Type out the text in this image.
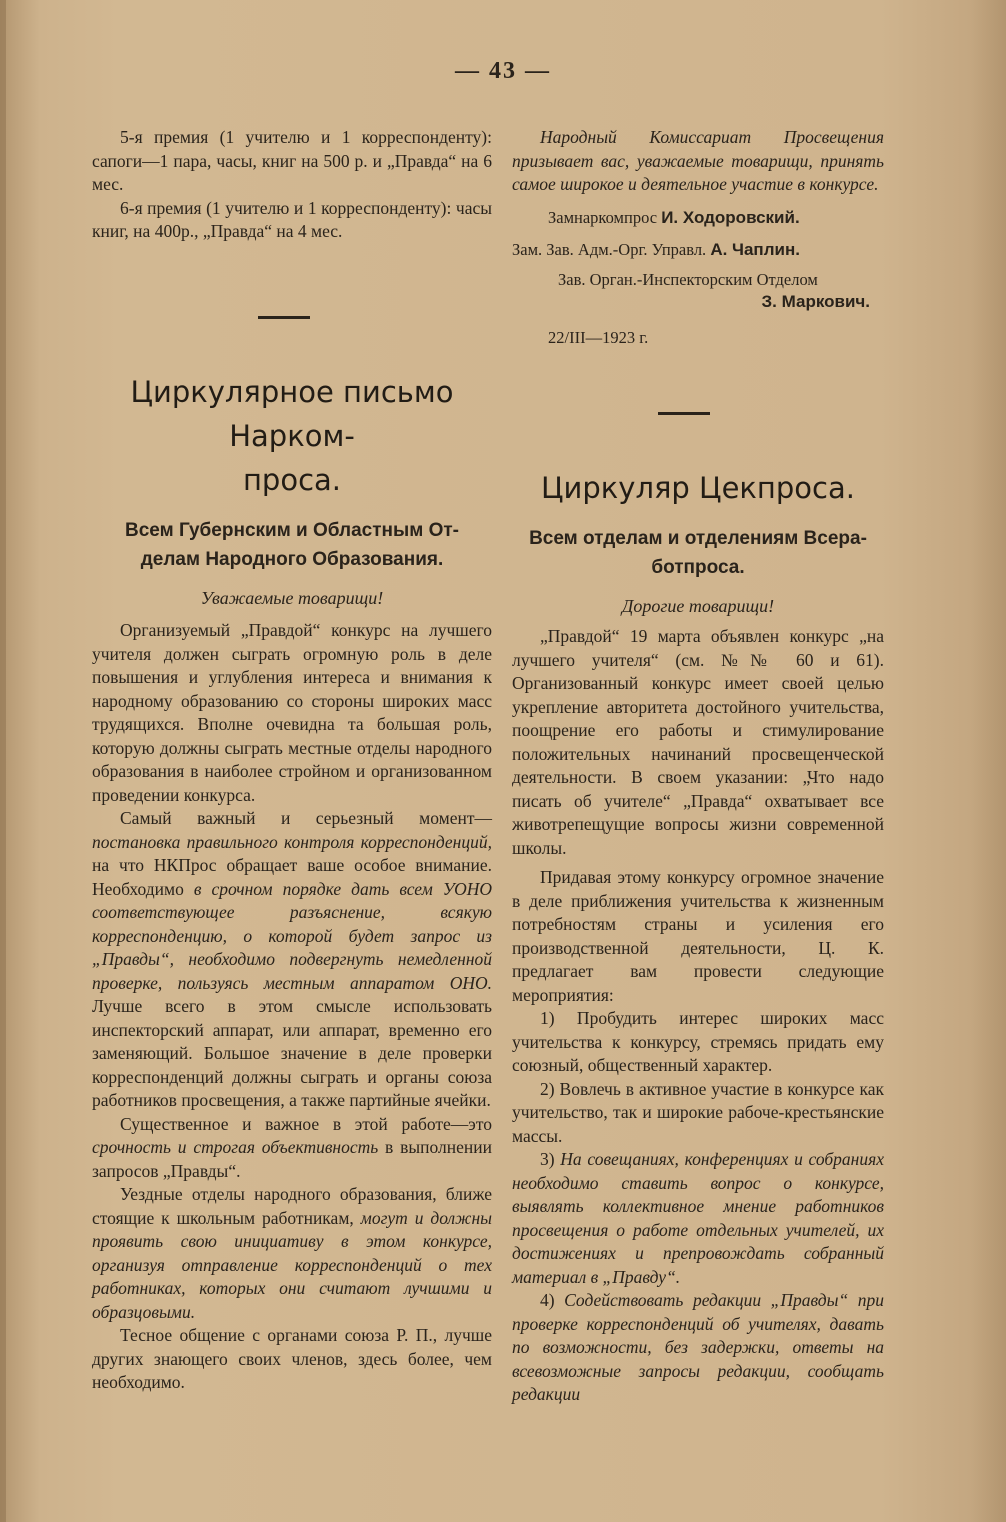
— 43 —

5-я премия (1 учителю и 1 корреспонденту): сапоги—1 пара, часы, книг на 500 р. и „Правда“ на 6 мес.

6-я премия (1 учителю и 1 корреспонденту): часы книг, на 400р., „Правда“ на 4 мес.

Циркулярное письмо Нарком-
проса.
Всем Губернским и Областным От-
делам Народного Образования.
Уважаемые товарищи!

Организуемый „Правдой“ конкурс на лучшего учителя должен сыграть огромную роль в деле повышения и углубления интереса и внимания к народному образованию со стороны широких масс трудящихся. Вполне очевидна та большая роль, которую должны сыграть местные отделы народного образования в наиболее стройном и организованном проведении конкурса.

Самый важный и серьезный момент—постановка правильного контроля корреспонденций, на что НКПрос обращает ваше особое внимание. Необходимо в срочном порядке дать всем УОНО соответствующее разъяснение, всякую корреспонденцию, о которой будет запрос из „Правды“, необходимо подвергнуть немедленной проверке, пользуясь местным аппаратом ОНО. Лучше всего в этом смысле использовать инспекторский аппарат, или аппарат, временно его заменяющий. Большое значение в деле проверки корреспонденций должны сыграть и органы союза работников просвещения, а также партийные ячейки.

Существенное и важное в этой работе—это срочность и строгая объективность в выполнении запросов „Правды“.

Уездные отделы народного образования, ближе стоящие к школьным работникам, могут и должны проявить свою инициативу в этом конкурсе, организуя отправление корреспонденций о тех работниках, которых они считают лучшими и образцовыми.

Тесное общение с органами союза Р. П., лучше других знающего своих членов, здесь более, чем необходимо.

Народный Комиссариат Просвещения призывает вас, уважаемые товарищи, принять самое широкое и деятельное участие в конкурсе.

Замнаркомпрос И. Ходоровский.
Зам. Зав. Адм.-Орг. Управл. А. Чаплин.
Зав. Орган.-Инспекторским Отделом
З. Маркович.
22/III—1923 г.
Циркуляр Цекпроса.
Всем отделам и отделениям Всера-
ботпроса.
Дорогие товарищи!

„Правдой“ 19 марта объявлен конкурс „на лучшего учителя“ (см. №№ 60 и 61). Организованный конкурс имеет своей целью укрепление авторитета достойного учительства, поощрение его работы и стимулирование положительных начинаний просвещенческой деятельности. В своем указании: „Что надо писать об учителе“ „Правда“ охватывает все животрепещущие вопросы жизни современной школы.

Придавая этому конкурсу огромное значение в деле приближения учительства к жизненным потребностям страны и усиления его производственной деятельности, Ц. К. предлагает вам провести следующие мероприятия:

1) Пробудить интерес широких масс учительства к конкурсу, стремясь придать ему союзный, общественный характер.

2) Вовлечь в активное участие в конкурсе как учительство, так и широкие рабоче-крестьянские массы.

3) На совещаниях, конференциях и собраниях необходимо ставить вопрос о конкурсе, выявлять коллективное мнение работников просвещения о работе отдельных учителей, их достижениях и препровождать собранный материал в „Правду“.

4) Содействовать редакции „Правды“ при проверке корреспонденций об учителях, давать по возможности, без задержки, ответы на всевозможные запросы редакции, сообщать редакции
